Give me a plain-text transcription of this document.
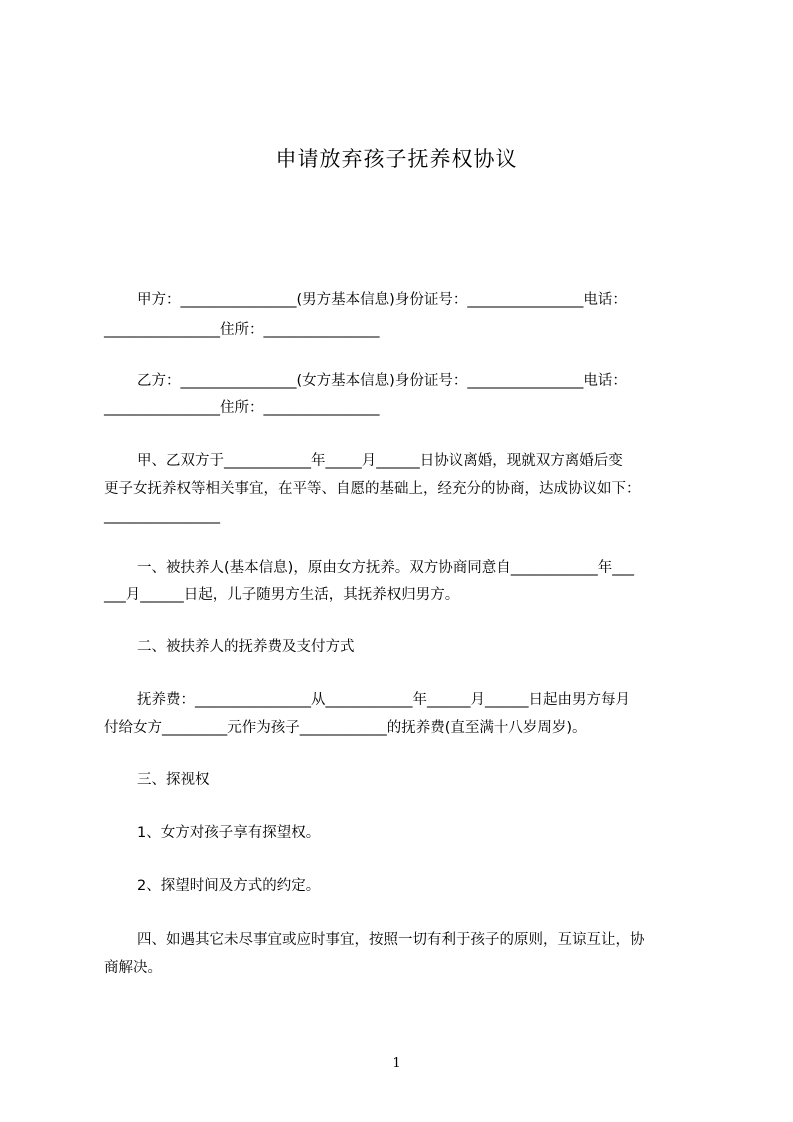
申请放弃孩子抚养权协议

甲方：________________(男方基本信息)身份证号：________________电话：

________________住所：________________

乙方：________________(女方基本信息)身份证号：________________电话：

________________住所：________________

甲、乙双方于____________年_____月______日协议离婚，现就双方离婚后变

更子女抚养权等相关事宜，在平等、自愿的基础上，经充分的协商，达成协议如下：

________________

一、被扶养人(基本信息)，原由女方抚养。双方协商同意自____________年___

___月______日起，儿子随男方生活，其抚养权归男方。

二、被扶养人的抚养费及支付方式

抚养费：________________从____________年______月______日起由男方每月

付给女方_________元作为孩子____________的抚养费(直至满十八岁周岁)。

三、探视权

1、女方对孩子享有探望权。

2、探望时间及方式的约定。

四、如遇其它未尽事宜或应时事宜，按照一切有利于孩子的原则，互谅互让，协

商解决。

1
